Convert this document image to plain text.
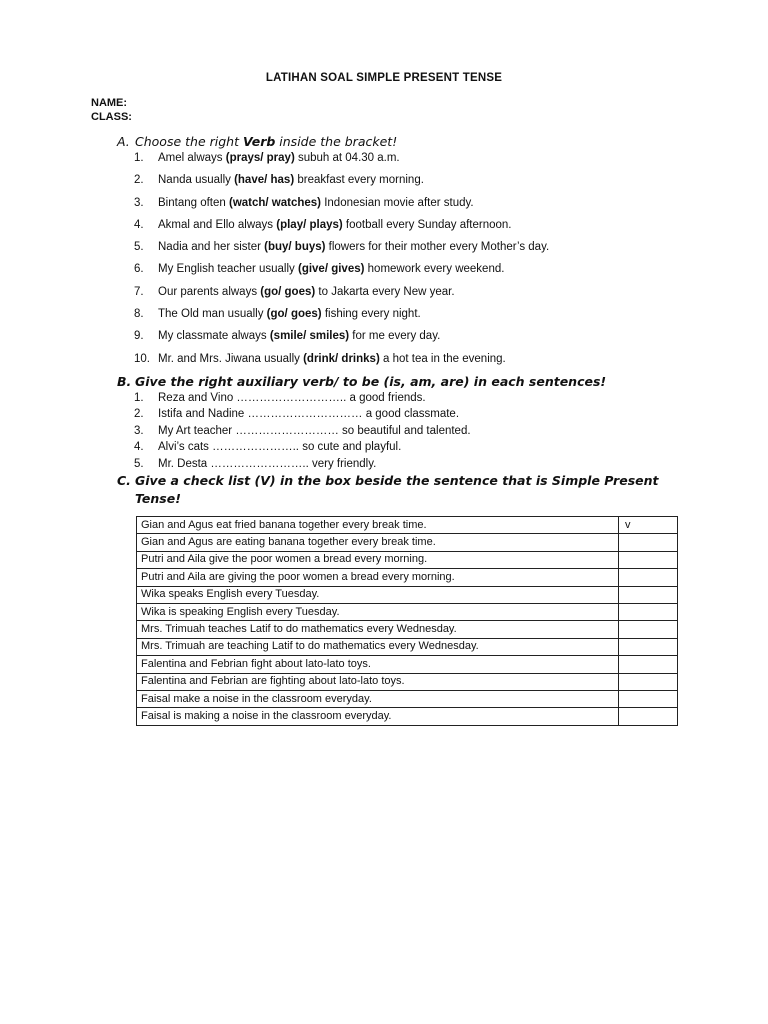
LATIHAN SOAL SIMPLE PRESENT TENSE
NAME:
CLASS:
A. Choose the right Verb inside the bracket!
1. Amel always (prays/ pray) subuh at 04.30 a.m.
2. Nanda usually (have/ has) breakfast every morning.
3. Bintang often (watch/ watches) Indonesian movie after study.
4. Akmal and Ello always (play/ plays) football every Sunday afternoon.
5. Nadia and her sister (buy/ buys) flowers for their mother every Mother’s day.
6. My English teacher usually (give/ gives) homework every weekend.
7. Our parents always (go/ goes) to Jakarta every New year.
8. The Old man usually (go/ goes) fishing every night.
9. My classmate always (smile/ smiles) for me every day.
10. Mr. and Mrs. Jiwana usually (drink/ drinks) a hot tea in the evening.
B. Give the right auxiliary verb/ to be (is, am, are) in each sentences!
1. Reza and Vino ……………………….. a good friends.
2. Istifa and Nadine ………………………… a good classmate.
3. My Art teacher ……………………… so beautiful and talented.
4. Alvi’s cats ………………….. so cute and playful.
5. Mr. Desta …………………….. very friendly.
C. Give a check list (V) in the box beside the sentence that is Simple Present
Tense!
Gian and Agus eat fried banana together every break time.	v
Gian and Agus are eating banana together every break time.	
Putri and Aila give the poor women a bread every morning.	
Putri and Aila are giving the poor women a bread every morning.	
Wika speaks English every Tuesday.	
Wika is speaking English every Tuesday.	
Mrs. Trimuah teaches Latif to do mathematics every Wednesday.	
Mrs. Trimuah are teaching Latif to do mathematics every Wednesday.	
Falentina and Febrian fight about lato-lato toys.	
Falentina and Febrian are fighting about lato-lato toys.	
Faisal make a noise in the classroom everyday.	
Faisal is making a noise in the classroom everyday.	
